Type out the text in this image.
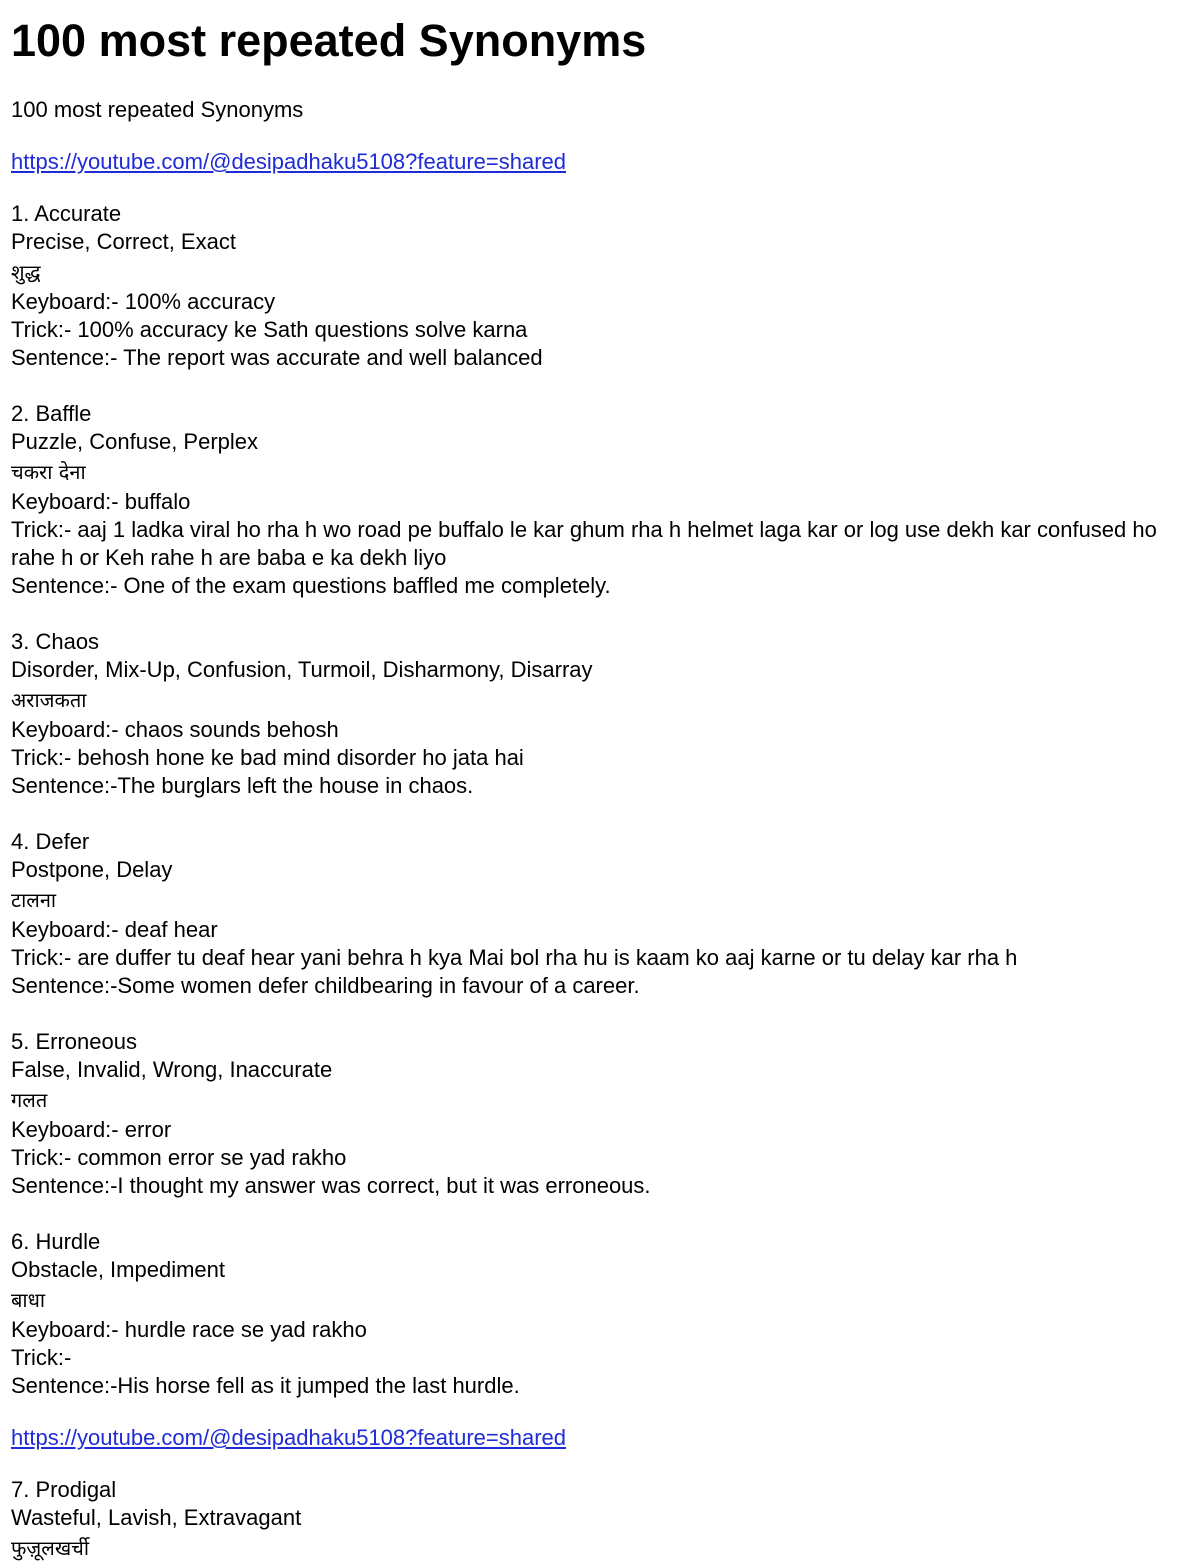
100 most repeated Synonyms
100 most repeated Synonyms
https://youtube.com/@desipadhaku5108?feature=shared
1. Accurate
Precise, Correct, Exact
शुद्ध
Keyboard:- 100% accuracy
Trick:- 100% accuracy ke Sath questions solve karna
Sentence:- The report was accurate and well balanced
2. Baffle
Puzzle, Confuse, Perplex
चकरा देना
Keyboard:- buffalo
Trick:- aaj 1 ladka viral ho rha h wo road pe buffalo le kar ghum rha h helmet laga kar or log use dekh kar confused ho rahe h or Keh rahe h are baba e ka dekh liyo
Sentence:- One of the exam questions baffled me completely.
3. Chaos
Disorder, Mix-Up, Confusion, Turmoil, Disharmony, Disarray
अराजकता
Keyboard:- chaos sounds behosh
Trick:- behosh hone ke bad mind disorder ho jata hai
Sentence:-The burglars left the house in chaos.
4. Defer
Postpone, Delay
टालना
Keyboard:- deaf hear
Trick:- are duffer tu deaf hear yani behra h kya Mai bol rha hu is kaam ko aaj karne or tu delay kar rha h
Sentence:-Some women defer childbearing in favour of a career.
5. Erroneous
False, Invalid, Wrong, Inaccurate
गलत
Keyboard:- error
Trick:- common error se yad rakho
Sentence:-I thought my answer was correct, but it was erroneous.
6. Hurdle
Obstacle, Impediment
बाधा
Keyboard:- hurdle race se yad rakho
Trick:-
Sentence:-His horse fell as it jumped the last hurdle.
https://youtube.com/@desipadhaku5108?feature=shared
7. Prodigal
Wasteful, Lavish, Extravagant
फुज़ूलखर्ची
